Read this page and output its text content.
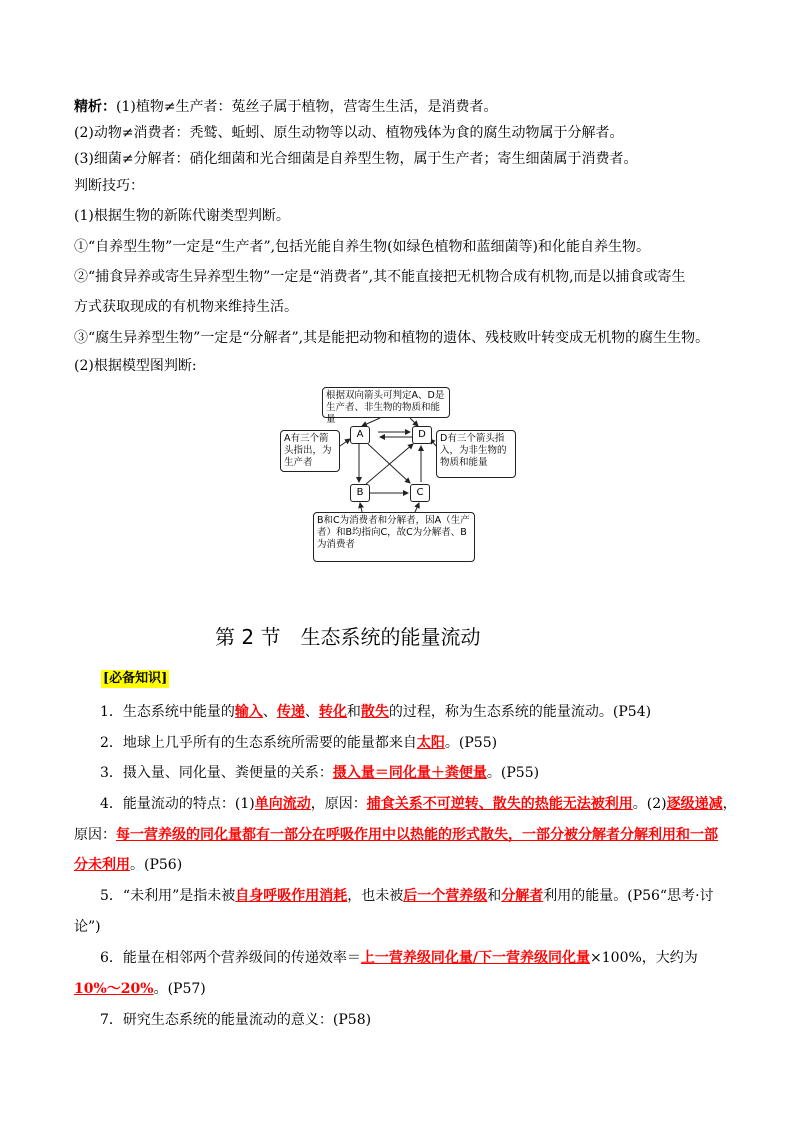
精析：(1)植物≠生产者：菟丝子属于植物，营寄生生活，是消费者。
(2)动物≠消费者：秃鹫、蚯蚓、原生动物等以动、植物残体为食的腐生动物属于分解者。
(3)细菌≠分解者：硝化细菌和光合细菌是自养型生物，属于生产者；寄生细菌属于消费者。
判断技巧：
(1)根据生物的新陈代谢类型判断。
①“自养型生物”一定是“生产者”,包括光能自养生物(如绿色植物和蓝细菌等)和化能自养生物。
②“捕食异养或寄生异养型生物”一定是“消费者”,其不能直接把无机物合成有机物,而是以捕食或寄生
方式获取现成的有机物来维持生活。
③“腐生异养型生物”一定是“分解者”,其是能把动物和植物的遗体、残枝败叶转变成无机物的腐生生物。
(2)根据模型图判断:
根据双向箭头可判定A、D是生产者、非生物的物质和能量
A有三个箭头指出，为生产者
D有三个箭头指入，为非生物的物质和能量
B和C为消费者和分解者，因A（生产者）和B均指向C，故C为分解者、B为消费者
A	D
B	C
第 2 节　生态系统的能量流动
[必备知识]
1．生态系统中能量的输入、传递、转化和散失的过程，称为生态系统的能量流动。(P54)
2．地球上几乎所有的生态系统所需要的能量都来自太阳。(P55)
3．摄入量、同化量、粪便量的关系：摄入量＝同化量＋粪便量。(P55)
4．能量流动的特点：(1)单向流动，原因：捕食关系不可逆转、散失的热能无法被利用。(2)逐级递减，
原因：每一营养级的同化量都有一部分在呼吸作用中以热能的形式散失，一部分被分解者分解利用和一部
分未利用。(P56)
5．“未利用”是指未被自身呼吸作用消耗，也未被后一个营养级和分解者利用的能量。(P56“思考·讨
论”)
6．能量在相邻两个营养级间的传递效率＝上一营养级同化量/下一营养级同化量×100%，大约为
10%～20%。(P57)
7．研究生态系统的能量流动的意义：(P58)
